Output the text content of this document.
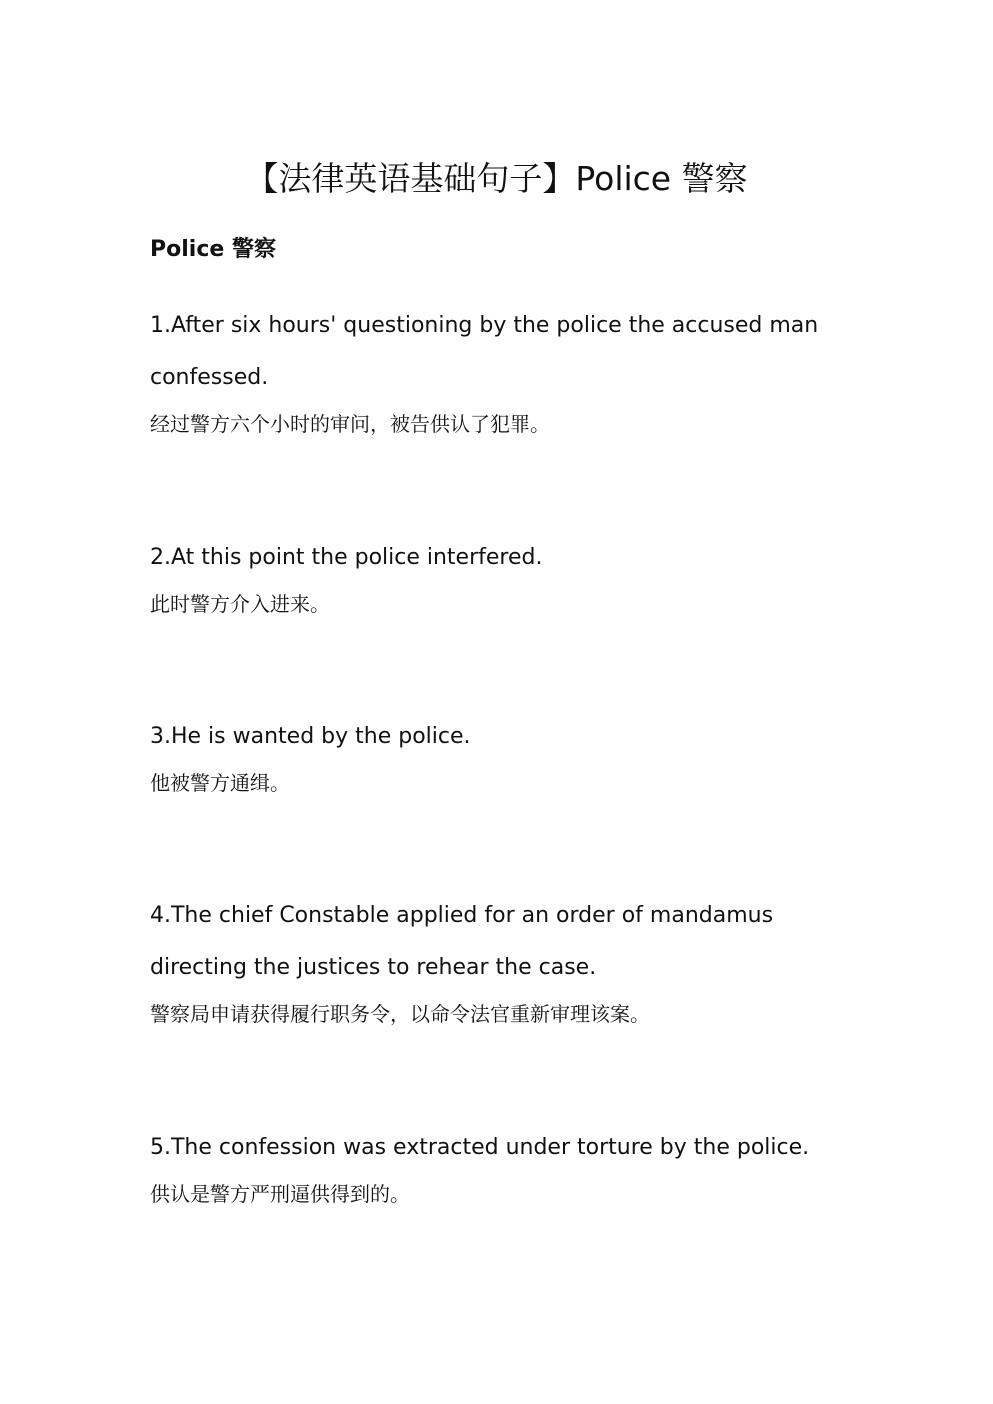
【法律英语基础句子】Police 警察
Police 警察

1.After six hours' questioning by the police the accused man confessed.

经过警方六个小时的审问，被告供认了犯罪。

2.At this point the police interfered.

此时警方介入进来。

3.He is wanted by the police.

他被警方通缉。

4.The chief Constable applied for an order of mandamus directing the justices to rehear the case.

警察局申请获得履行职务令，以命令法官重新审理该案。

5.The confession was extracted under torture by the police.

供认是警方严刑逼供得到的。
